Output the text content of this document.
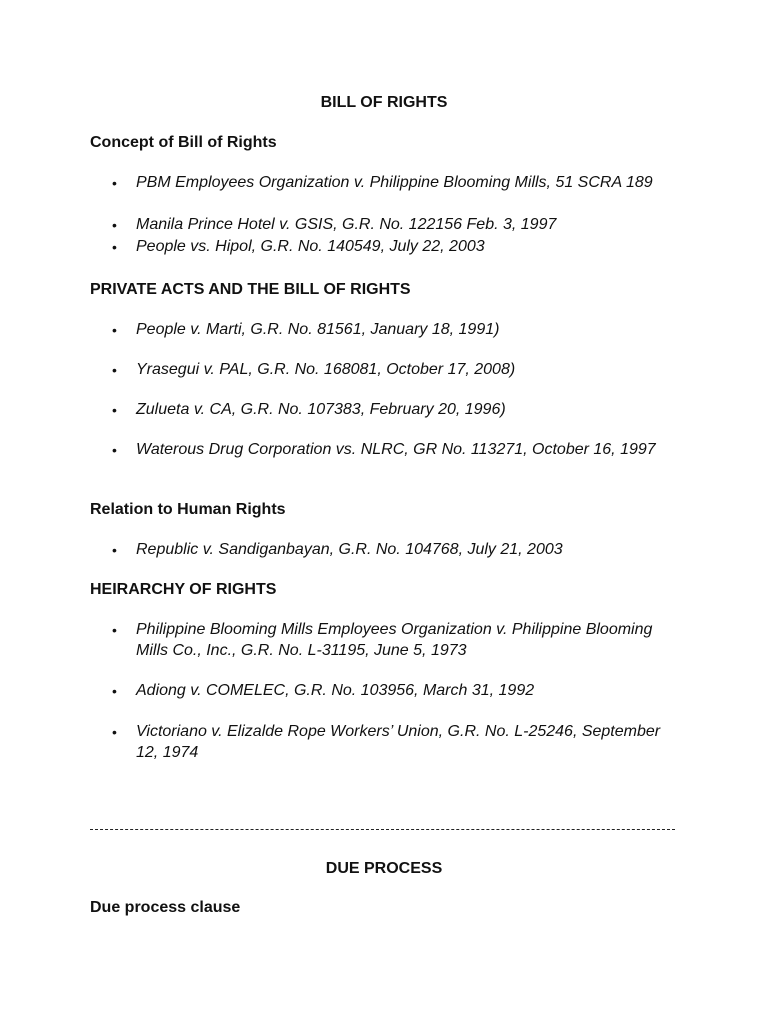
BILL OF RIGHTS
Concept of Bill of Rights
•	PBM Employees Organization v. Philippine Blooming Mills, 51 SCRA 189
•	Manila Prince Hotel v. GSIS, G.R. No. 122156 Feb. 3, 1997
•	People vs. Hipol, G.R. No. 140549, July 22, 2003
PRIVATE ACTS AND THE BILL OF RIGHTS
•	People v. Marti, G.R. No. 81561, January 18, 1991)
•	Yrasegui v. PAL, G.R. No. 168081, October 17, 2008)
•	Zulueta v. CA, G.R. No. 107383, February 20, 1996)
•	Waterous Drug Corporation vs. NLRC, GR No. 113271, October 16, 1997
Relation to Human Rights
•	Republic v. Sandiganbayan, G.R. No. 104768, July 21, 2003
HEIRARCHY OF RIGHTS
•	Philippine Blooming Mills Employees Organization v. Philippine Blooming Mills Co., Inc., G.R. No. L-31195, June 5, 1973
•	Adiong v. COMELEC, G.R. No. 103956, March 31, 1992
•	Victoriano v. Elizalde Rope Workers’ Union, G.R. No. L-25246, September 12, 1974
DUE PROCESS
Due process clause
